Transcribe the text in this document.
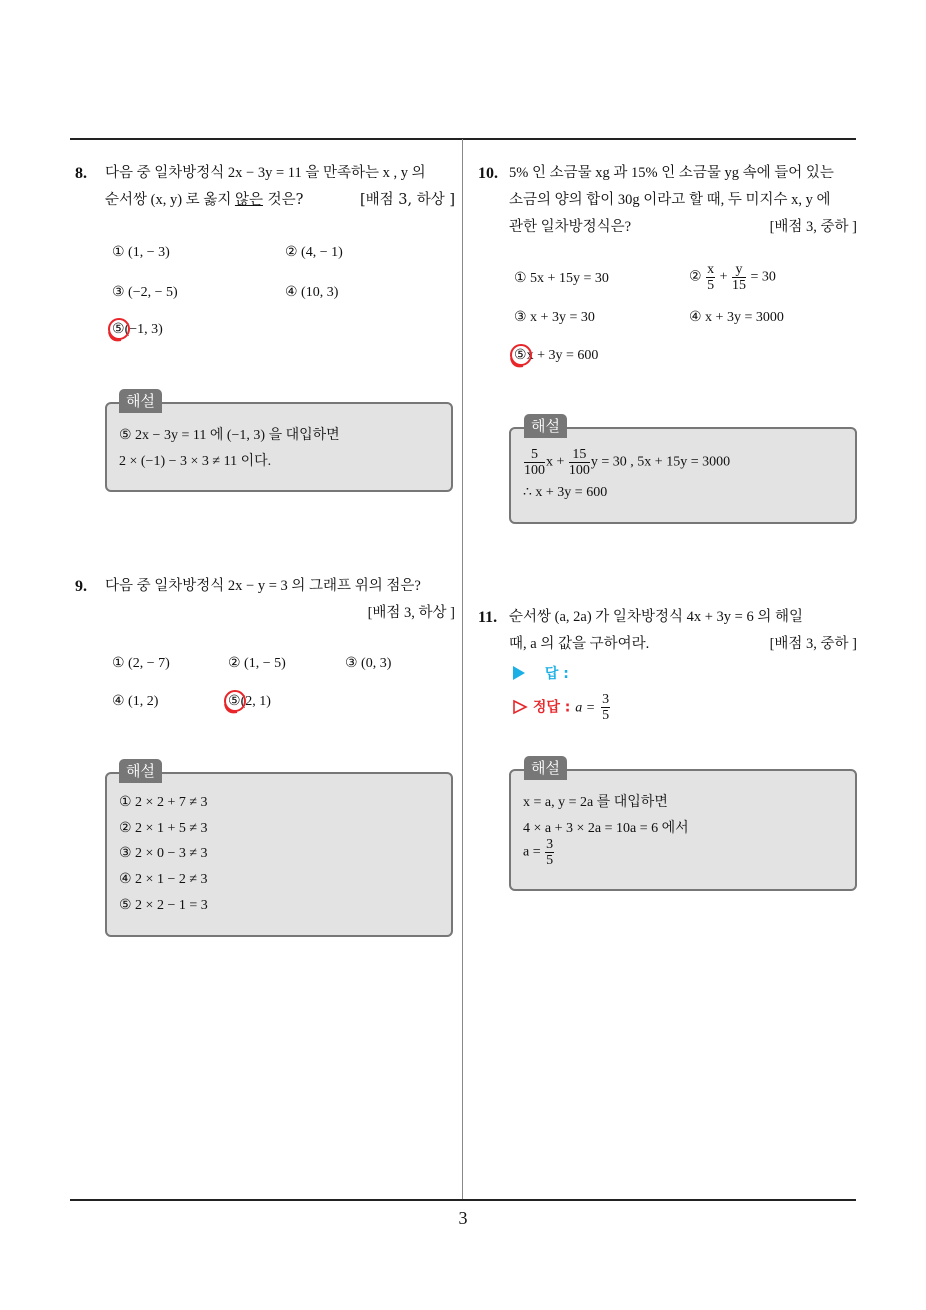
3
8. 다음 중 일차방정식 2x − 3y = 11 을 만족하는 x , y 의
순서쌍 (x, y) 로 옳지 않은 것은?	[배점 3, 하상 ]
① (1, − 3)	② (4, − 1)
③ (−2, − 5)	④ (10, 3)
⑤(−1, 3)
⑤ 2x − 3y = 11 에 (−1, 3) 을 대입하면
2 × (−1) − 3 × 3 ≠ 11 이다.
해설
9. 다음 중 일차방정식 2x − y = 3 의 그래프 위의 점은?
[배점 3, 하상 ]
① (2, − 7)	② (1, − 5)	③ (0, 3)
④ (1, 2)	⑤(2, 1)
① 2 × 2 + 7 ≠ 3
② 2 × 1 + 5 ≠ 3
③ 2 × 0 − 3 ≠ 3
④ 2 × 1 − 2 ≠ 3
⑤ 2 × 2 − 1 = 3
해설
10. 5% 인 소금물 xg 과 15% 인 소금물 yg 속에 들어 있는
소금의 양의 합이 30g 이라고 할 때, 두 미지수 x, y 에
관한 일차방정식은?	[배점 3, 중하 ]
① 5x + 15y = 30	② $\frac{x}{5} + \frac{y}{15} = 30$
③ x + 3y = 30	④ x + 3y = 3000
⑤x + 3y = 600
$\frac{5}{100}$ $x + \frac{15}{100}$ y = 30 , 5x + 15y = 3000
∴ x + 3y = 600
해설
11. 순서쌍 (a, 2a) 가 일차방정식 4x + 3y = 6 의 해일
때, a 의 값을 구하여라.	[배점 3, 중하 ]
답 :
정답 : $a = \frac{3}{5}$
x = a, y = 2a 를 대입하면
4 × a + 3 × 2a = 10a = 6 에서
$a = \frac{3}{5}$
해설
